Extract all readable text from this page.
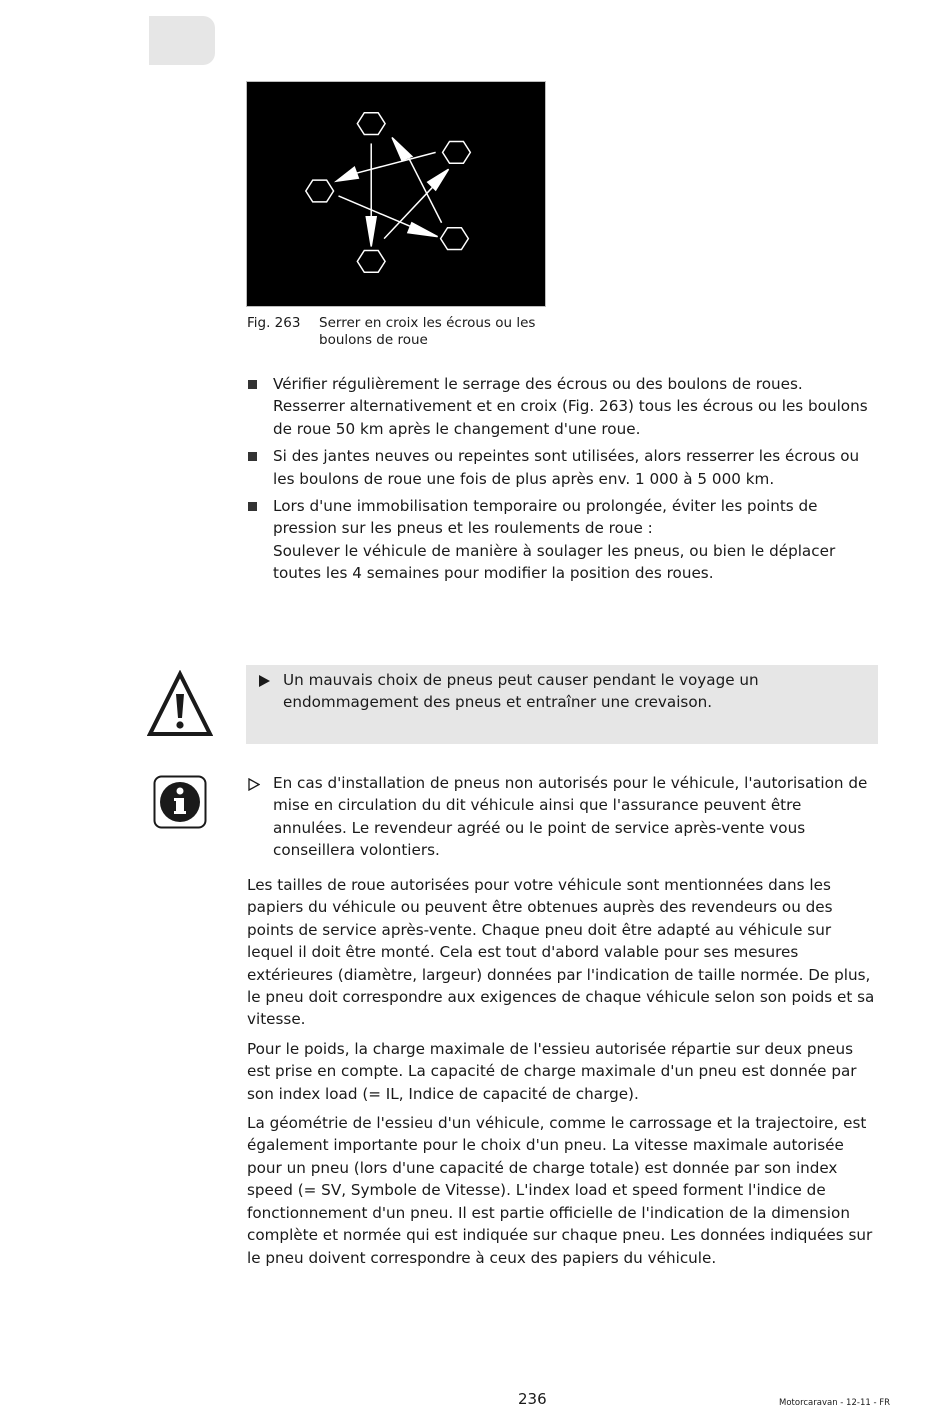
Fig. 263	Serrer en croix les écrous ou les boulons de roue
Vérifier régulièrement le serrage des écrous ou des boulons de roues. Resserrer alternativement et en croix (Fig. 263) tous les écrous ou les boulons de roue 50 km après le changement d'une roue.
Si des jantes neuves ou repeintes sont utilisées, alors resserrer les écrous ou les boulons de roue une fois de plus après env. 1 000 à 5 000 km.
Lors d'une immobilisation temporaire ou prolongée, éviter les points de pression sur les pneus et les roulements de roue :
Soulever le véhicule de manière à soulager les pneus, ou bien le déplacer toutes les 4 semaines pour modifier la position des roues.
Un mauvais choix de pneus peut causer pendant le voyage un endommagement des pneus et entraîner une crevaison.
En cas d'installation de pneus non autorisés pour le véhicule, l'autorisation de mise en circulation du dit véhicule ainsi que l'assurance peuvent être annulées. Le revendeur agréé ou le point de service après-vente vous conseillera volontiers.

Les tailles de roue autorisées pour votre véhicule sont mentionnées dans les papiers du véhicule ou peuvent être obtenues auprès des revendeurs ou des points de service après-vente. Chaque pneu doit être adapté au véhicule sur lequel il doit être monté. Cela est tout d'abord valable pour ses mesures extérieures (diamètre, largeur) données par l'indication de taille normée. De plus, le pneu doit correspondre aux exigences de chaque véhicule selon son poids et sa vitesse.

Pour le poids, la charge maximale de l'essieu autorisée répartie sur deux pneus est prise en compte. La capacité de charge maximale d'un pneu est donnée par son index load (= IL, Indice de capacité de charge).

La géométrie de l'essieu d'un véhicule, comme le carrossage et la trajectoire, est également importante pour le choix d'un pneu. La vitesse maximale autorisée pour un pneu (lors d'une capacité de charge totale) est donnée par son index speed (= SV, Symbole de Vitesse). L'index load et speed forment l'indice de fonctionnement d'un pneu. Il est partie officielle de l'indication de la dimension complète et normée qui est indiquée sur chaque pneu. Les données indiquées sur le pneu doivent correspondre à ceux des papiers du véhicule.

236	Motorcaravan - 12-11 - FR
